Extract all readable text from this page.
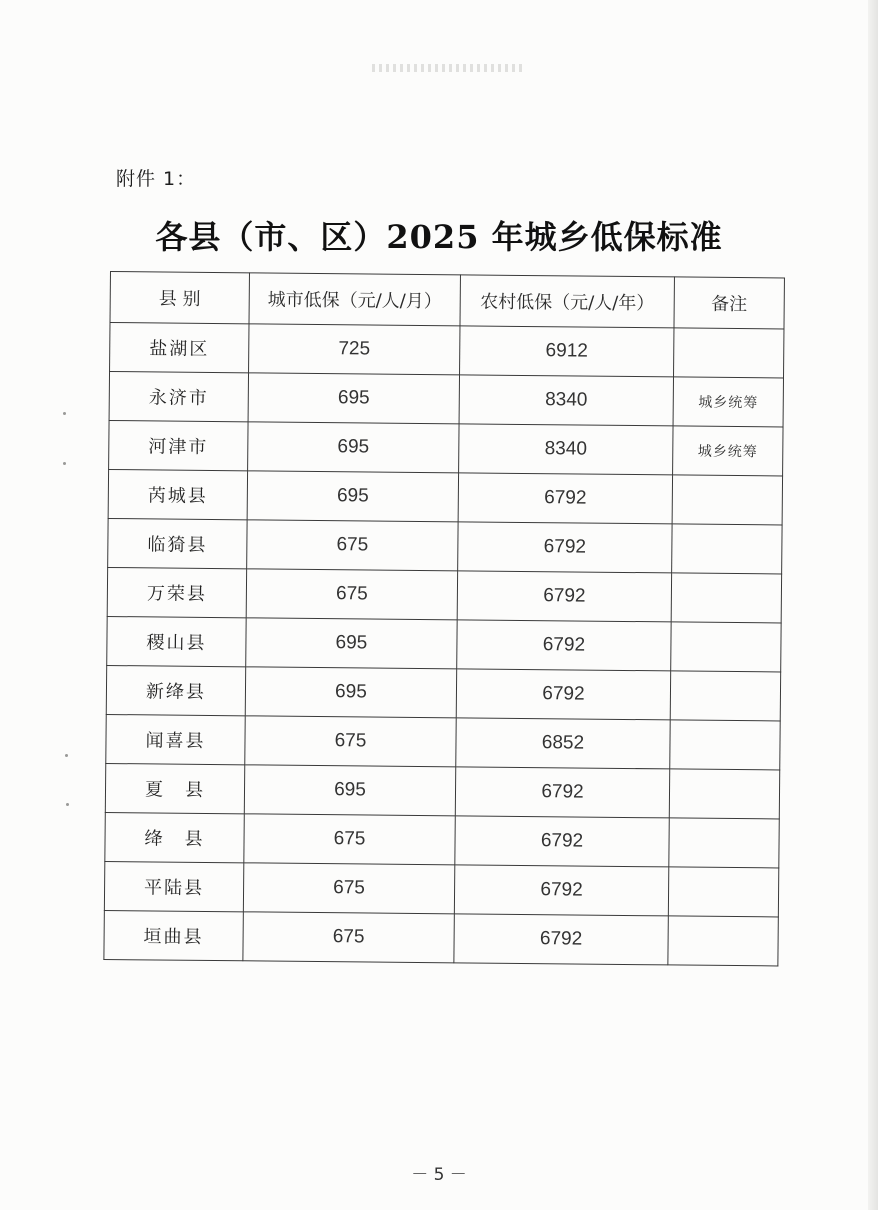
附件 1：
各县（市、区）2025 年城乡低保标准
县 别	城市低保（元/人/月）	农村低保（元/人/年）	备注
盐湖区	725	6912	
永济市	695	8340	城乡统筹
河津市	695	8340	城乡统筹
芮城县	695	6792	
临猗县	675	6792	
万荣县	675	6792	
稷山县	695	6792	
新绛县	695	6792	
闻喜县	675	6852	
夏　县	695	6792	
绛　县	675	6792	
平陆县	675	6792	
垣曲县	675	6792	
－ 5 －
